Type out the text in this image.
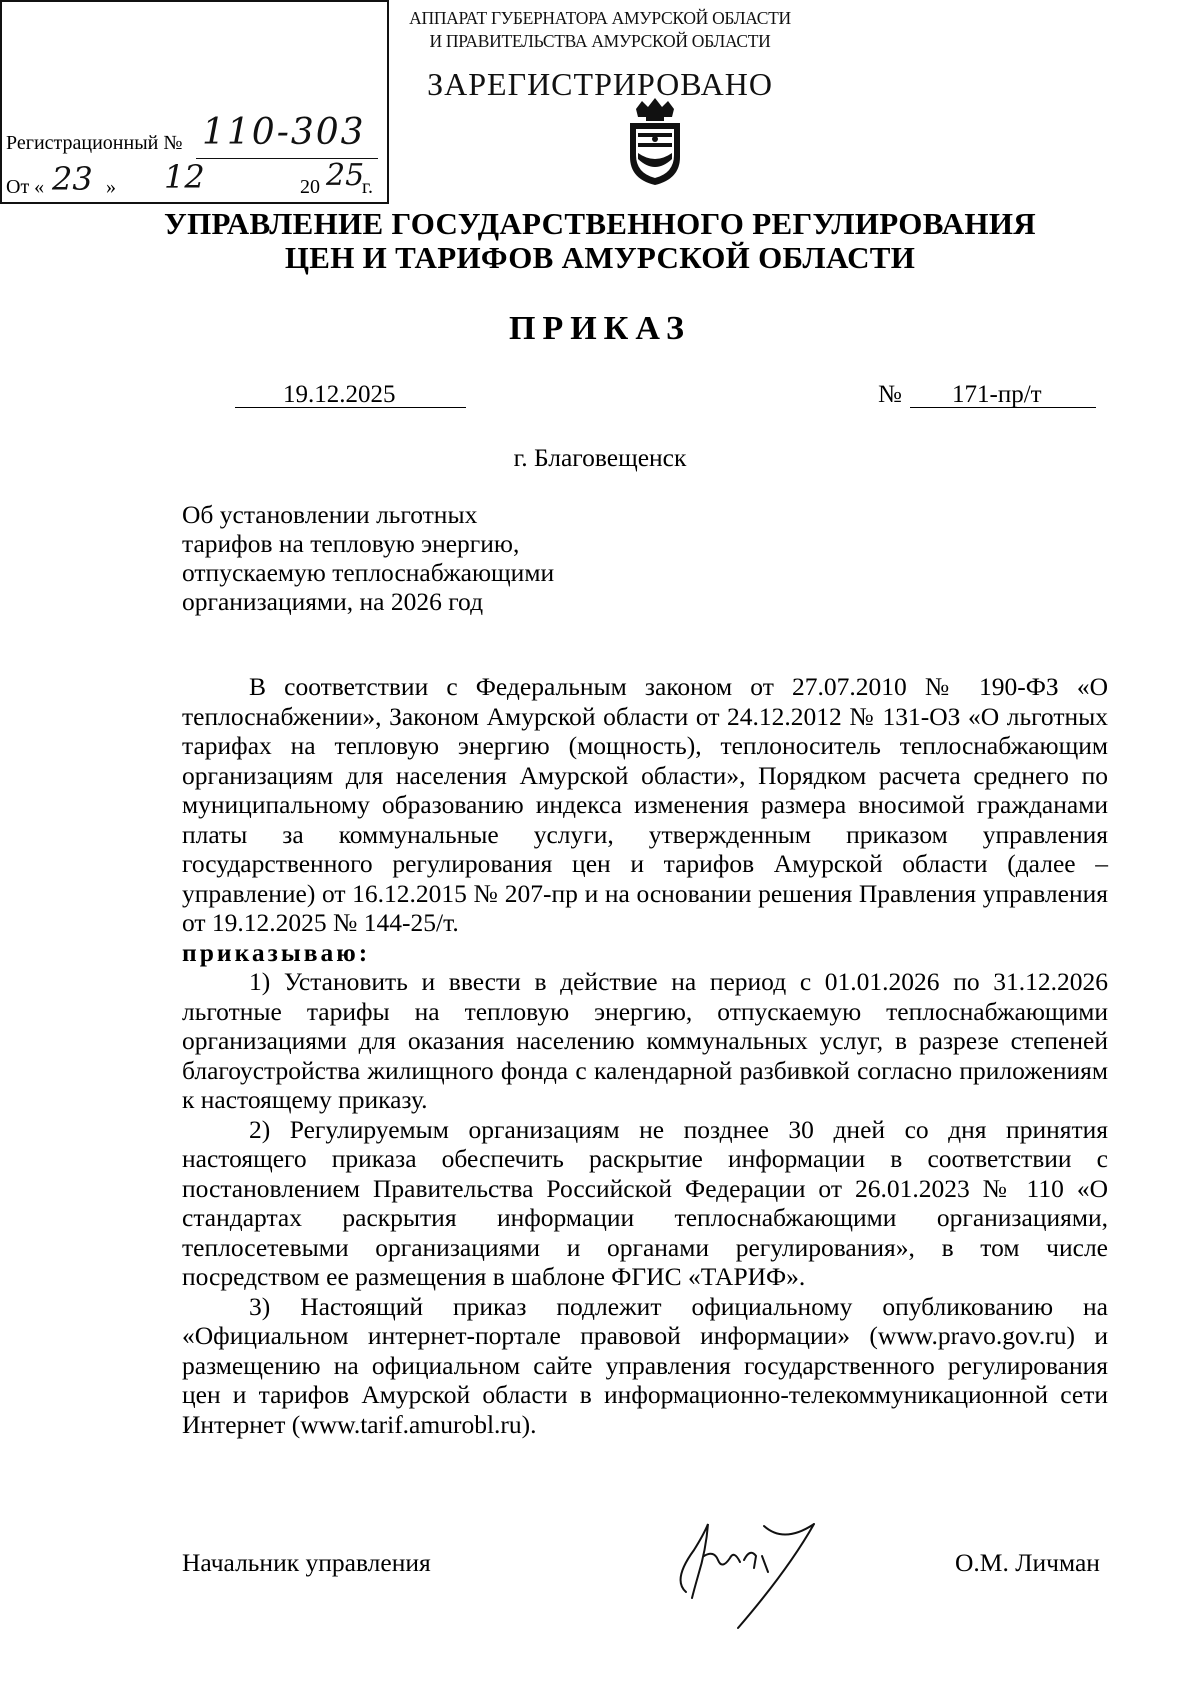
АППАРАТ ГУБЕРНАТОРА АМУРСКОЙ ОБЛАСТИ
И ПРАВИТЕЛЬСТВА АМУРСКОЙ ОБЛАСТИ
ЗАРЕГИСТРИРОВАНО
Регистрационный № 110-303
От « 23 » 12	20 25
г.
УПРАВЛЕНИЕ ГОСУДАРСТВЕННОГО РЕГУЛИРОВАНИЯ
ЦЕН И ТАРИФОВ АМУРСКОЙ ОБЛАСТИ
ПРИКАЗ
19.12.2025	№ 171-пр/т
г. Благовещенск
Об установлении льготных
тарифов на тепловую энергию,
отпускаемую теплоснабжающими
организациями, на 2026 год

В соответствии с Федеральным законом от 27.07.2010 № 190-ФЗ «О теплоснабжении», Законом Амурской области от 24.12.2012 № 131-ОЗ «О льготных тарифах на тепловую энергию (мощность), теплоноситель теплоснабжающим организациям для населения Амурской области», Порядком расчета среднего по муниципальному образованию индекса изменения размера вносимой гражданами платы за коммунальные услуги, утвержденным приказом управления государственного регулирования цен и тарифов Амурской области (далее – управление) от 16.12.2015 № 207-пр и на основании решения Правления управления от 19.12.2025 № 144-25/т.

приказываю:

1) Установить и ввести в действие на период с 01.01.2026 по 31.12.2026 льготные тарифы на тепловую энергию, отпускаемую теплоснабжающими организациями для оказания населению коммунальных услуг, в разрезе степеней благоустройства жилищного фонда с календарной разбивкой согласно приложениям к настоящему приказу.

2) Регулируемым организациям не позднее 30 дней со дня принятия настоящего приказа обеспечить раскрытие информации в соответствии с постановлением Правительства Российской Федерации от 26.01.2023 № 110 «О стандартах раскрытия информации теплоснабжающими организациями, теплосетевыми организациями и органами регулирования», в том числе посредством ее размещения в шаблоне ФГИС «ТАРИФ».

3) Настоящий приказ подлежит официальному опубликованию на «Официальном интернет-портале правовой информации» (www.pravo.gov.ru) и размещению на официальном сайте управления государственного регулирования цен и тарифов Амурской области в информационно-телекоммуникационной сети Интернет (www.tarif.amurobl.ru).

Начальник управления	О.М. Личман
